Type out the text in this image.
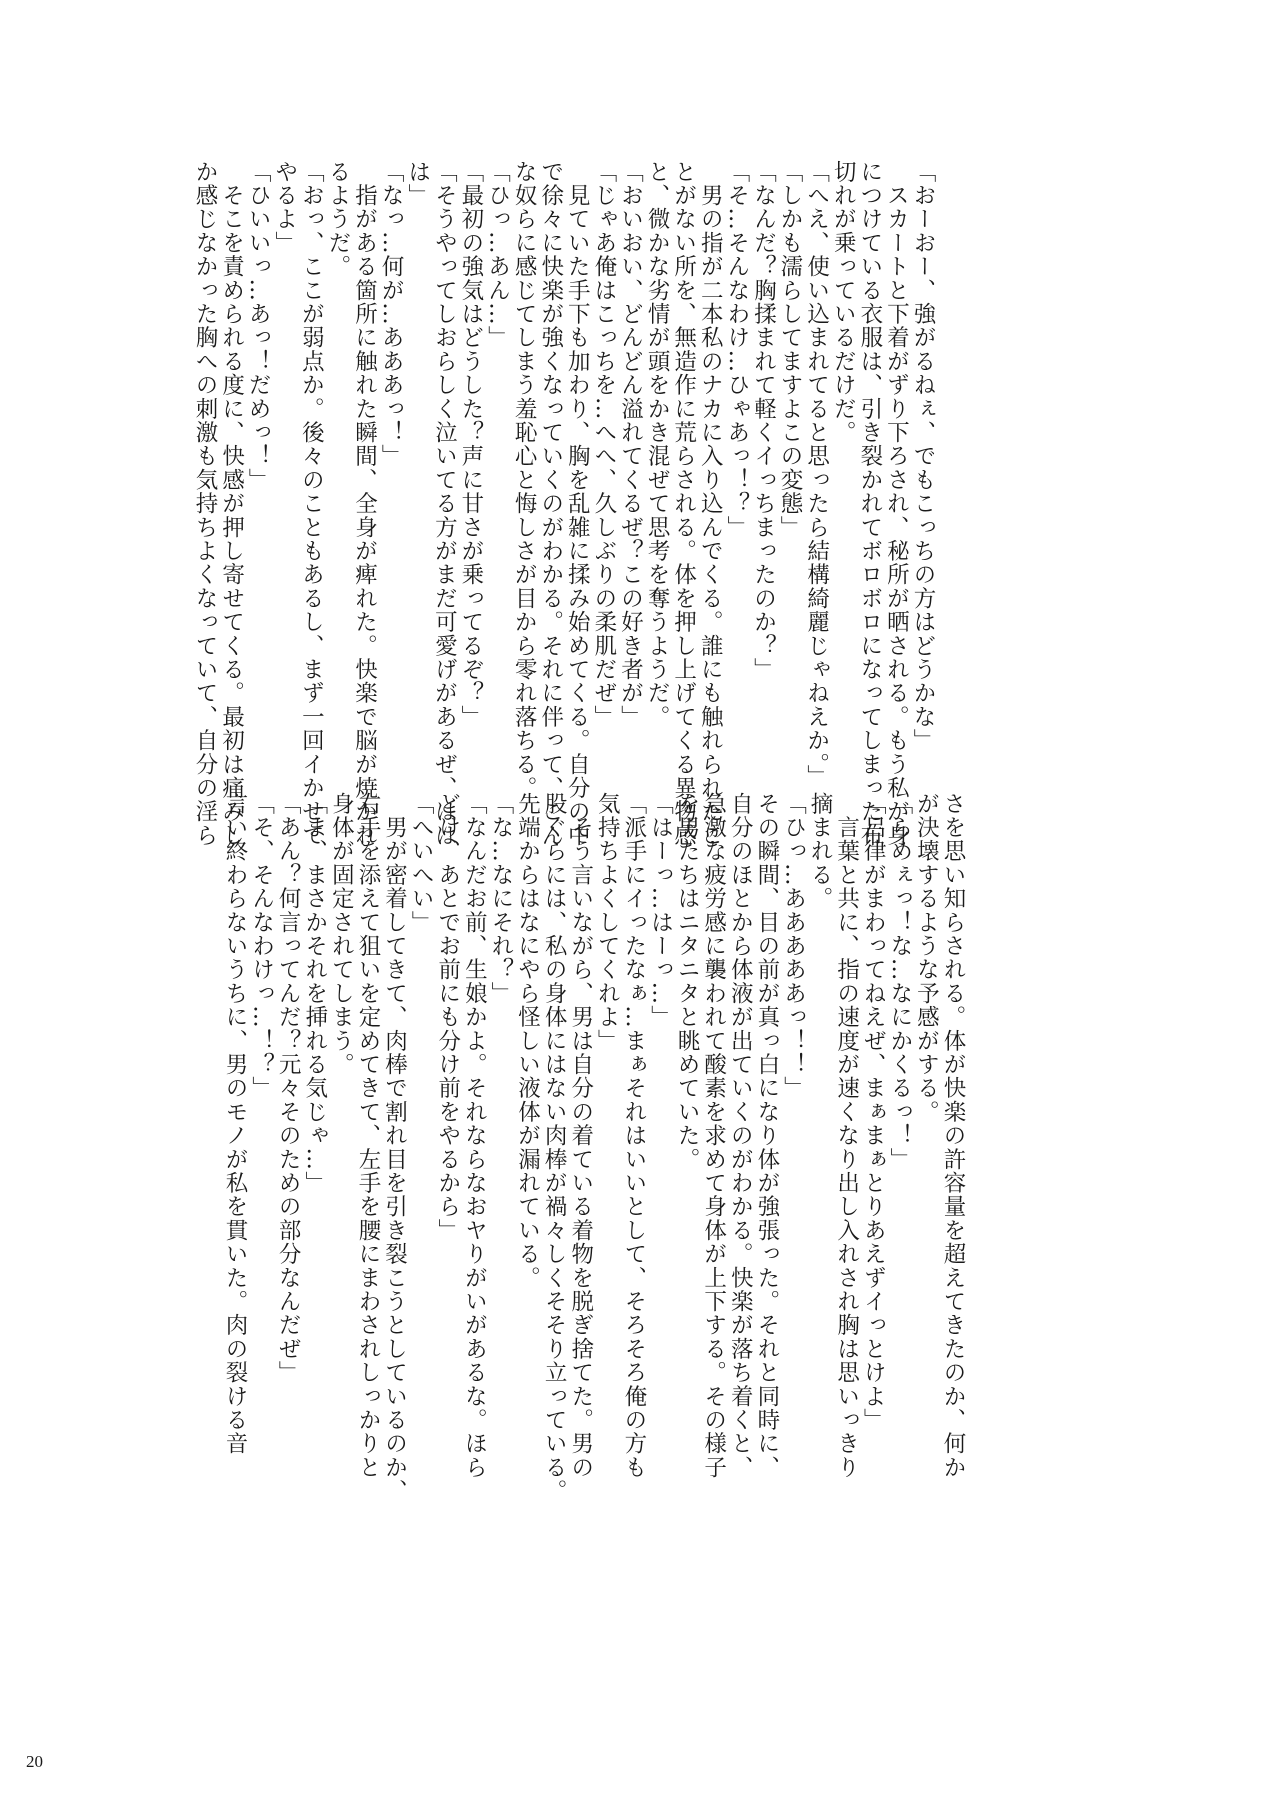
「おーおー、強がるねぇ、でもこっちの方はどうかな」
　スカートと下着がずり下ろされ、秘所が晒される。もう私が身
につけている衣服は、引き裂かれてボロボロになってしまった布
切れが乗っているだけだ。
「へえ、使い込まれてると思ったら結構綺麗じゃねえか。」
「しかも濡らしてますよこの変態」
「なんだ？胸揉まれて軽くイっちまったのか？」
「そ…そんなわけ…ひゃあっ！？」
　男の指が二本私のナカに入り込んでくる。誰にも触れられたこ
とがない所を、無造作に荒らされる。体を押し上げてくる異物感
と、微かな劣情が頭をかき混ぜて思考を奪うようだ。
「おいおい、どんどん溢れてくるぜ？この好き者が」
「じゃあ俺はこっちを…へへ、久しぶりの柔肌だぜ」
　見ていた手下も加わり、胸を乱雑に揉み始めてくる。自分の中
で徐々に快楽が強くなっていくのがわかる。それに伴って、こん
な奴らに感じてしまう羞恥心と悔しさが目から零れ落ちる。
「ひっ…あん…」
「最初の強気はどうした？声に甘さが乗ってるぞ？」
「そうやってしおらしく泣いてる方がまだ可愛げがあるぜ、はは
は」
「なっ…何が…あああっ！」
　指がある箇所に触れた瞬間、全身が痺れた。快楽で脳が焼かれ
るようだ。
「おっ、ここが弱点か。後々のこともあるし、まず一回イかせて
やるよ」
「ひいいっ…あっ！だめっ！」
　そこを責められる度に、快感が押し寄せてくる。最初は痛みし
か感じなかった胸への刺激も気持ちよくなっていて、自分の淫ら
さを思い知らされる。体が快楽の許容量を超えてきたのか、何か
が決壊するような予感がする。
「らめぇっ！な…なにかくるっ！」
「呂律がまわってねえぜ、まぁまぁとりあえずイっとけよ」
　言葉と共に、指の速度が速くなり出し入れされ胸は思いっきり
摘まれる。
「ひっ…あああああっ！！」
その瞬間、目の前が真っ白になり体が強張った。それと同時に、
自分のほとから体液が出ていくのがわかる。快楽が落ち着くと、
急激な疲労感に襲われて酸素を求めて身体が上下する。その様子
を男たちはニタニタと眺めていた。
「はーっ…はーっ…」
「派手にイったなぁ…まぁそれはいいとして、そろそろ俺の方も
気持ちよくしてくれよ」
　そう言いながら、男は自分の着ている着物を脱ぎ捨てた。男の
股ぐらには、私の身体にはない肉棒が禍々しくそそり立っている。
先端からはなにやら怪しい液体が漏れている。
「な…なにそれ？」
「なんだお前、生娘かよ。それならなおヤりがいがあるな。ほら
どけ、あとでお前にも分け前をやるから」
「へいへい」
　男が密着してきて、肉棒で割れ目を引き裂こうとしているのか、
右手を添えて狙いを定めてきて、左手を腰にまわされしっかりと
身体が固定されてしまう。
「ま、まさかそれを挿れる気じゃ…」
「あん？何言ってんだ？元々そのための部分なんだぜ」
「そ、そんなわけっ…！？」
言い終わらないうちに、男のモノが私を貫いた。肉の裂ける音
20
